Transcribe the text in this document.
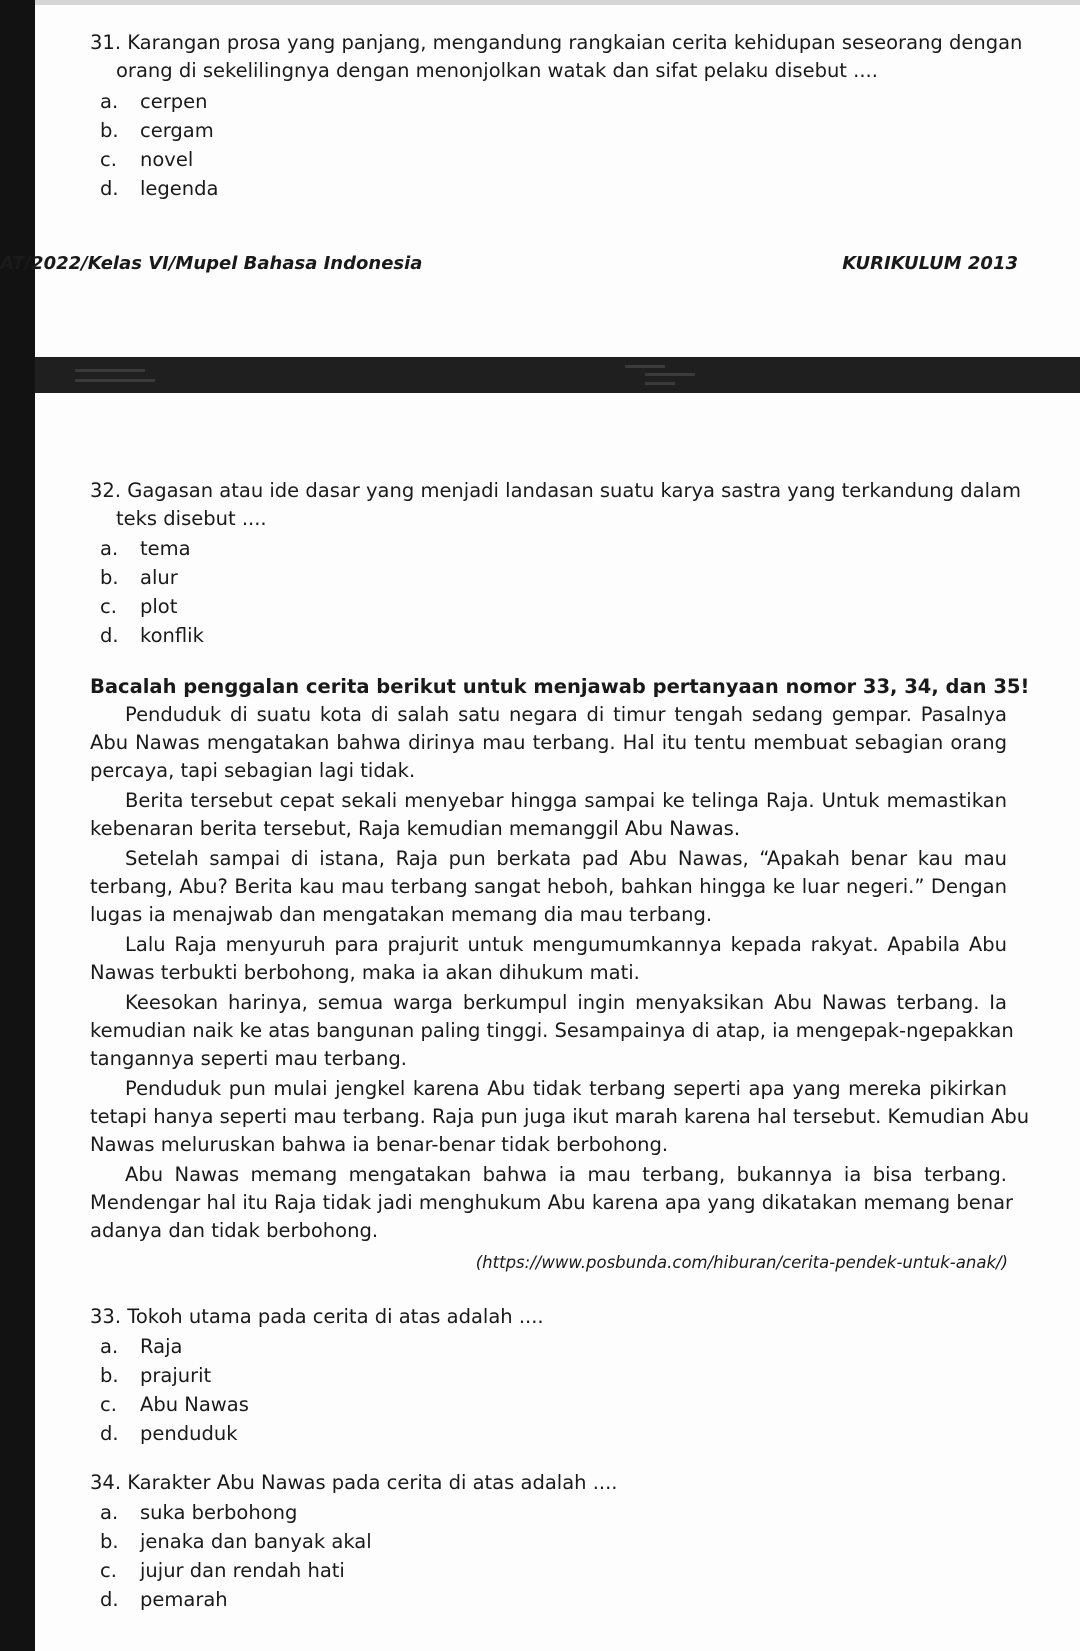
31. Karangan prosa yang panjang, mengandung rangkaian cerita kehidupan seseorang dengan
orang di sekelilingnya dengan menonjolkan watak dan sifat pelaku disebut ....
a. cerpen
b. cergam
c. novel
d. legenda
AT/2022/Kelas VI/Mupel Bahasa Indonesia	KURIKULUM 2013
32. Gagasan atau ide dasar yang menjadi landasan suatu karya sastra yang terkandung dalam
teks disebut ....
a. tema
b. alur
c. plot
d. konflik
Bacalah penggalan cerita berikut untuk menjawab pertanyaan nomor 33, 34, dan 35!
Penduduk di suatu kota di salah satu negara di timur tengah sedang gempar. Pasalnya
Abu Nawas mengatakan bahwa dirinya mau terbang. Hal itu tentu membuat sebagian orang
percaya, tapi sebagian lagi tidak.
Berita tersebut cepat sekali menyebar hingga sampai ke telinga Raja. Untuk memastikan
kebenaran berita tersebut, Raja kemudian memanggil Abu Nawas.
Setelah sampai di istana, Raja pun berkata pad Abu Nawas, “Apakah benar kau mau
terbang, Abu? Berita kau mau terbang sangat heboh, bahkan hingga ke luar negeri.” Dengan
lugas ia menajwab dan mengatakan memang dia mau terbang.
Lalu Raja menyuruh para prajurit untuk mengumumkannya kepada rakyat. Apabila Abu
Nawas terbukti berbohong, maka ia akan dihukum mati.
Keesokan harinya, semua warga berkumpul ingin menyaksikan Abu Nawas terbang. Ia
kemudian naik ke atas bangunan paling tinggi. Sesampainya di atap, ia mengepak-ngepakkan
tangannya seperti mau terbang.
Penduduk pun mulai jengkel karena Abu tidak terbang seperti apa yang mereka pikirkan
tetapi hanya seperti mau terbang. Raja pun juga ikut marah karena hal tersebut. Kemudian Abu
Nawas meluruskan bahwa ia benar-benar tidak berbohong.
Abu Nawas memang mengatakan bahwa ia mau terbang, bukannya ia bisa terbang.
Mendengar hal itu Raja tidak jadi menghukum Abu karena apa yang dikatakan memang benar
adanya dan tidak berbohong.
(https://www.posbunda.com/hiburan/cerita-pendek-untuk-anak/)
33. Tokoh utama pada cerita di atas adalah ....
a. Raja
b. prajurit
c. Abu Nawas
d. penduduk
34. Karakter Abu Nawas pada cerita di atas adalah ....
a. suka berbohong
b. jenaka dan banyak akal
c. jujur dan rendah hati
d. pemarah
